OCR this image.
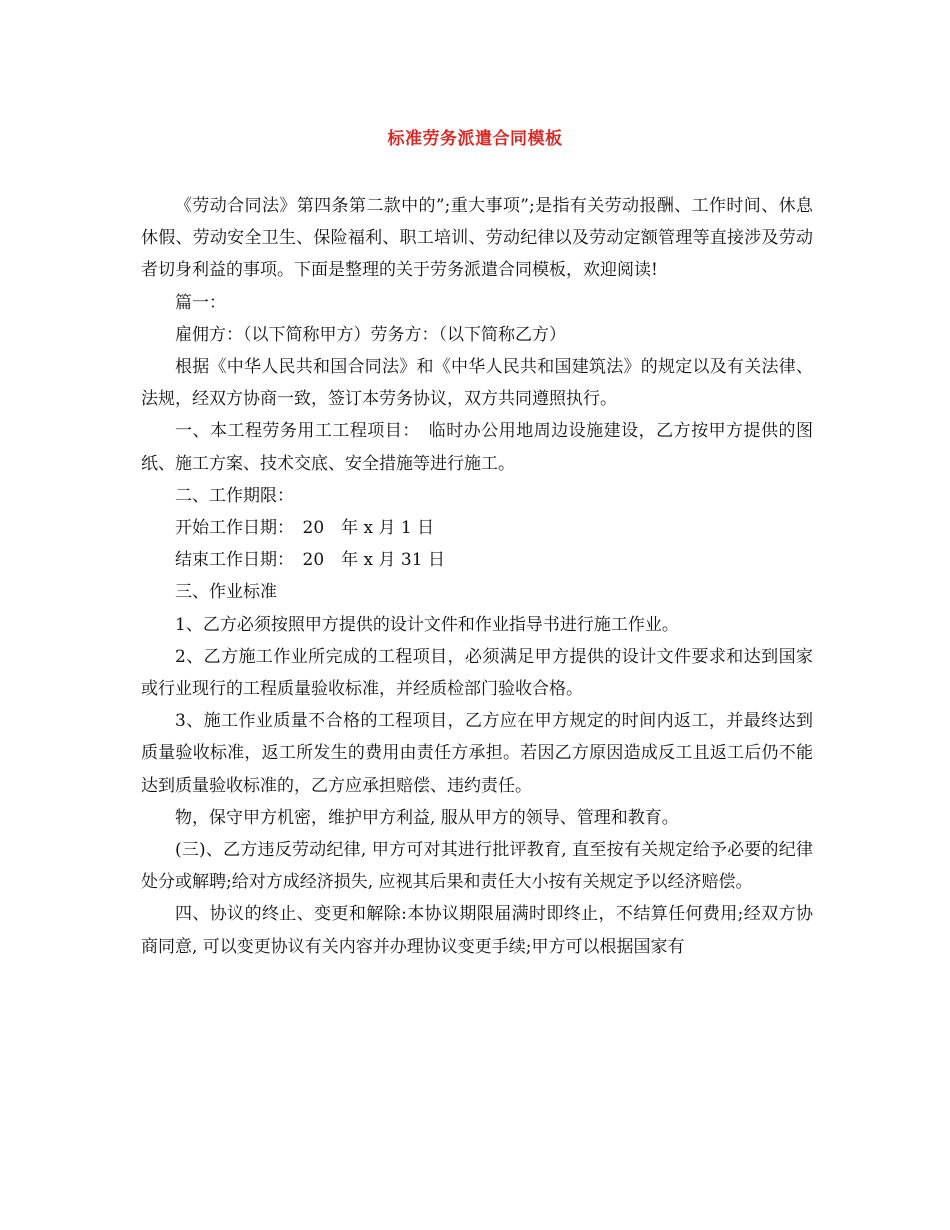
标准劳务派遣合同模板

《劳动合同法》第四条第二款中的”;重大事项”;是指有关劳动报酬、工作时间、休息休假、劳动安全卫生、保险福利、职工培训、劳动纪律以及劳动定额管理等直接涉及劳动者切身利益的事项。下面是整理的关于劳务派遣合同模板，欢迎阅读!

篇一：

雇佣方：（以下简称甲方）劳务方：（以下简称乙方）

根据《中华人民共和国合同法》和《中华人民共和国建筑法》的规定以及有关法律、法规，经双方协商一致，签订本劳务协议，双方共同遵照执行。

一、本工程劳务用工工程项目：　临时办公用地周边设施建设，乙方按甲方提供的图纸、施工方案、技术交底、安全措施等进行施工。

二、工作期限：

开始工作日期：　20　年 x 月 1 日

结束工作日期：　20　年 x 月 31 日

三、作业标准

1、乙方必须按照甲方提供的设计文件和作业指导书进行施工作业。

2、乙方施工作业所完成的工程项目，必须满足甲方提供的设计文件要求和达到国家或行业现行的工程质量验收标准，并经质检部门验收合格。

3、施工作业质量不合格的工程项目，乙方应在甲方规定的时间内返工，并最终达到质量验收标准，返工所发生的费用由责任方承担。若因乙方原因造成反工且返工后仍不能达到质量验收标准的，乙方应承担赔偿、违约责任。

物，保守甲方机密，维护甲方利益, 服从甲方的领导、管理和教育。

(三)、乙方违反劳动纪律, 甲方可对其进行批评教育, 直至按有关规定给予必要的纪律处分或解聘;给对方成经济损失, 应视其后果和责任大小按有关规定予以经济赔偿。

四、协议的终止、变更和解除:本协议期限届满时即终止，不结算任何费用;经双方协商同意, 可以变更协议有关内容并办理协议变更手续;甲方可以根据国家有
